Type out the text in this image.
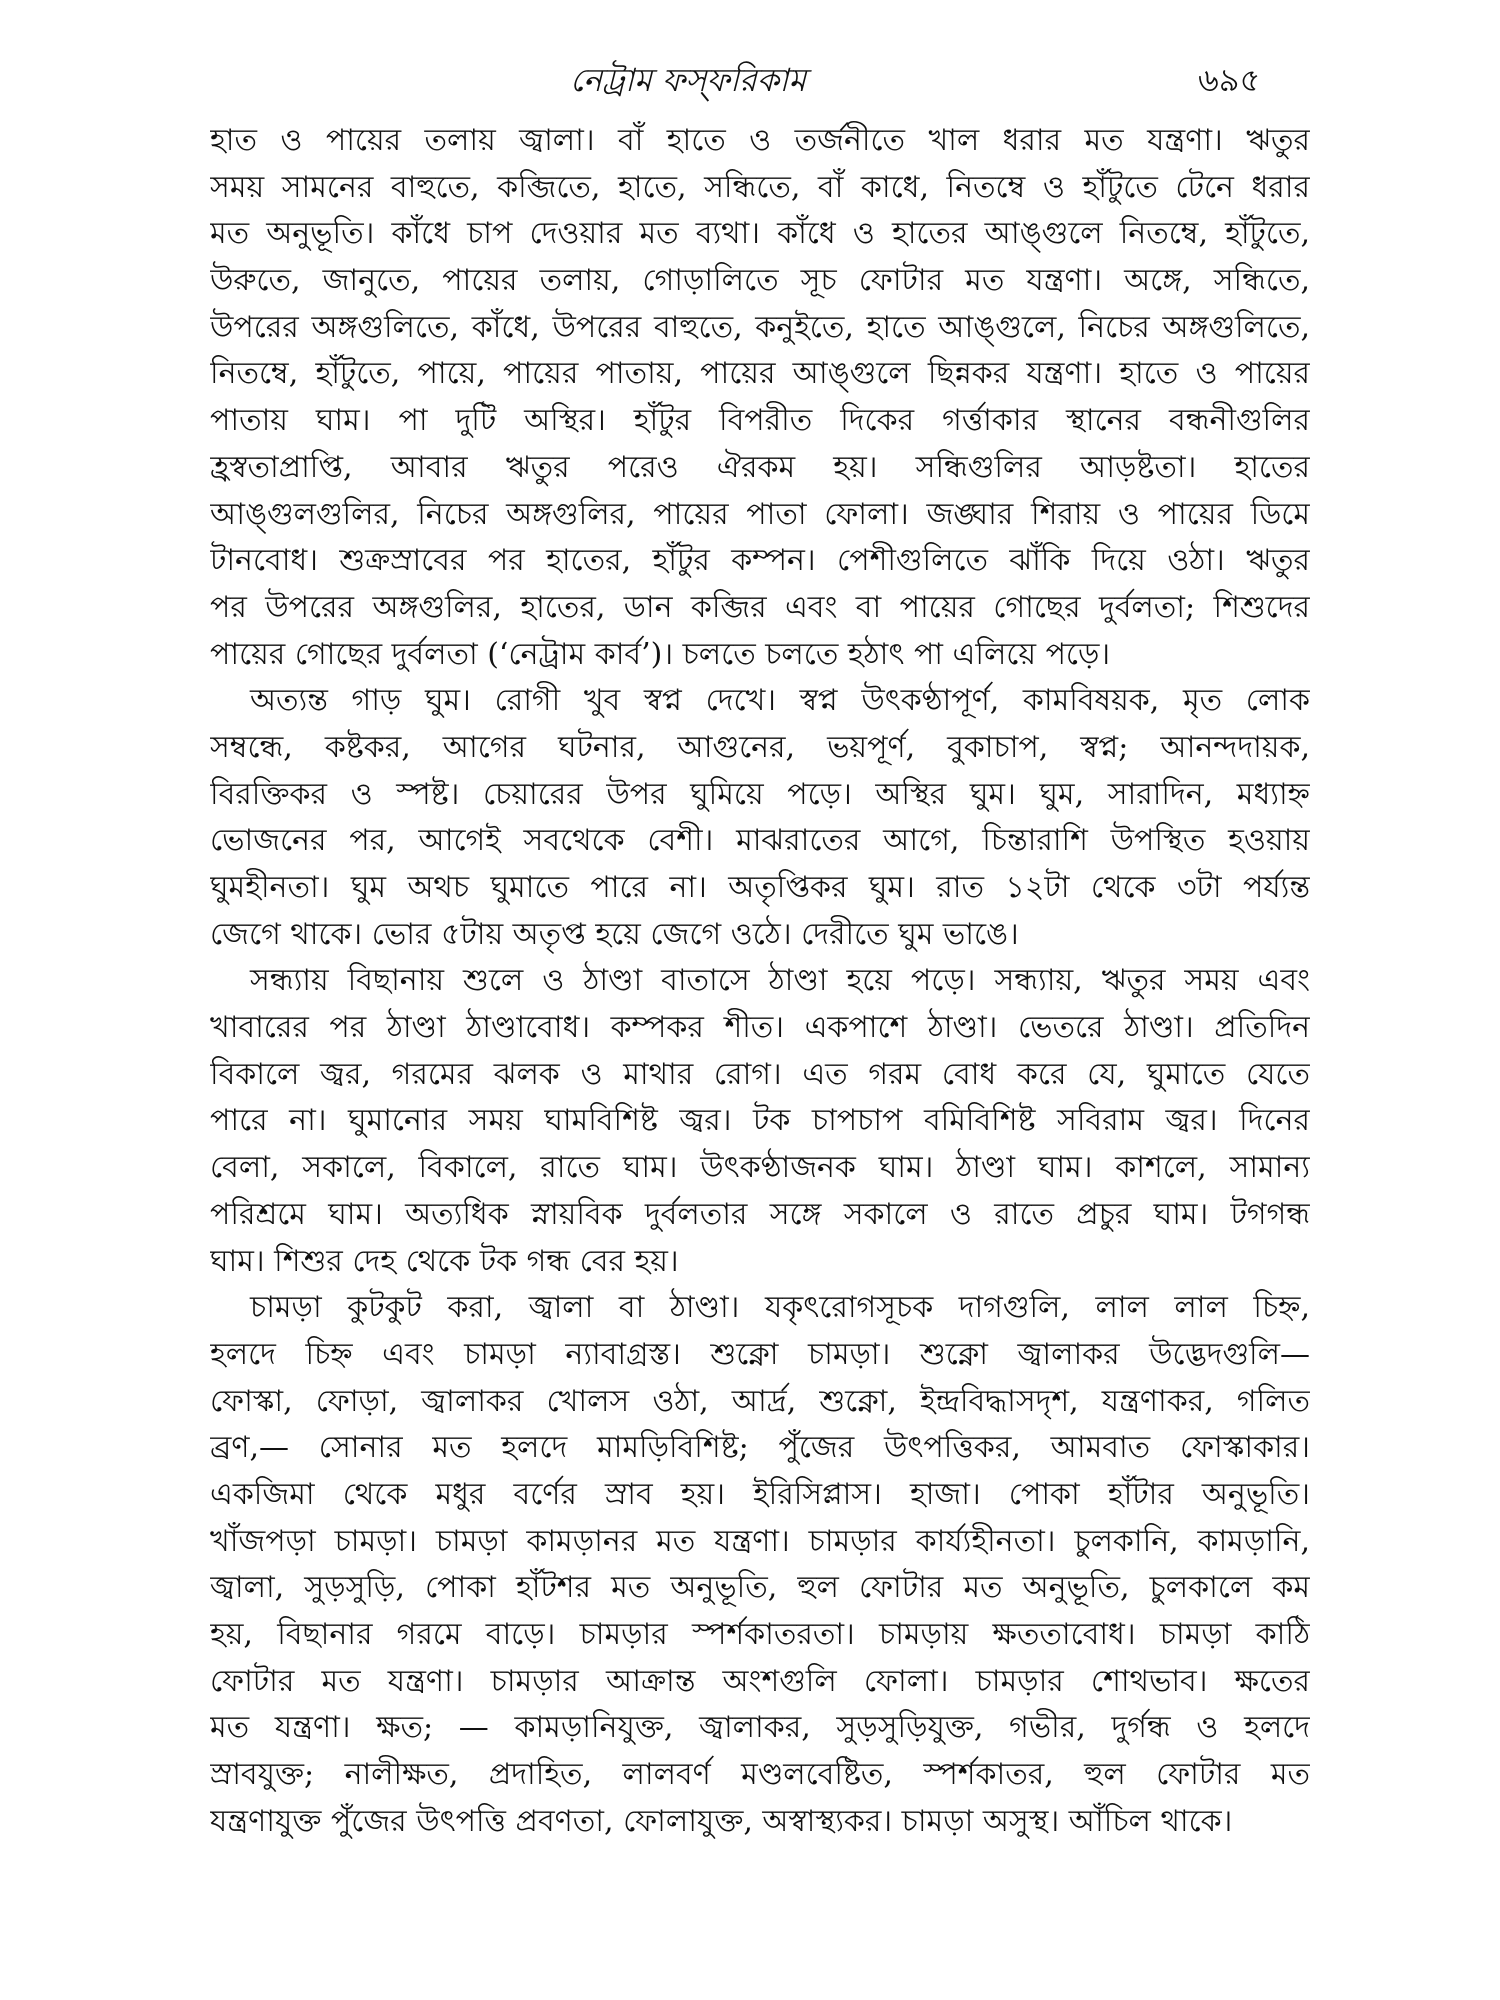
নেট্রাম ফস্‌ফরিকাম	৬৯৫
হাত ও পায়ের তলায় জ্বালা। বাঁ হাতে ও তর্জনীতে খাল ধরার মত যন্ত্রণা। ঋতুর
সময় সামনের বাহুতে, কব্জিতে, হাতে, সন্ধিতে, বাঁ কাধে, নিতম্বে ও হাঁটুতে টেনে ধরার
মত অনুভূতি। কাঁধে চাপ দেওয়ার মত ব্যথা। কাঁধে ও হাতের আঙ্গুলে নিতম্বে, হাঁটুতে,
উরুতে, জানুতে, পায়ের তলায়, গোড়ালিতে সূচ ফোটার মত যন্ত্রণা। অঙ্গে, সন্ধিতে,
উপরের অঙ্গগুলিতে, কাঁধে, উপরের বাহুতে, কনুইতে, হাতে আঙ্গুলে, নিচের অঙ্গগুলিতে,
নিতম্বে, হাঁটুতে, পায়ে, পায়ের পাতায়, পায়ের আঙ্গুলে ছিন্নকর যন্ত্রণা। হাতে ও পায়ের
পাতায় ঘাম। পা দুটি অস্থির। হাঁটুর বিপরীত দিকের গর্ত্তাকার স্থানের বন্ধনীগুলির
হ্রস্বতাপ্রাপ্তি, আবার ঋতুর পরেও ঐরকম হয়। সন্ধিগুলির আড়ষ্টতা। হাতের
আঙ্গুলগুলির, নিচের অঙ্গগুলির, পায়ের পাতা ফোলা। জঙ্ঘার শিরায় ও পায়ের ডিমে
টানবোধ। শুক্রস্রাবের পর হাতের, হাঁটুর কম্পন। পেশীগুলিতে ঝাঁকি দিয়ে ওঠা। ঋতুর
পর উপরের অঙ্গগুলির, হাতের, ডান কব্জির এবং বা পায়ের গোছের দুর্বলতা; শিশুদের
পায়ের গোছের দুর্বলতা (‘নেট্রাম কার্ব’)। চলতে চলতে হঠাৎ পা এলিয়ে পড়ে।
অত্যন্ত গাড় ঘুম। রোগী খুব স্বপ্ন দেখে। স্বপ্ন উৎকণ্ঠাপূর্ণ, কামবিষয়ক, মৃত লোক
সম্বন্ধে, কষ্টকর, আগের ঘটনার, আগুনের, ভয়পূর্ণ, বুকাচাপ, স্বপ্ন; আনন্দদায়ক,
বিরক্তিকর ও স্পষ্ট। চেয়ারের উপর ঘুমিয়ে পড়ে। অস্থির ঘুম। ঘুম, সারাদিন, মধ্যাহ্ন
ভোজনের পর, আগেই সবথেকে বেশী। মাঝরাতের আগে, চিন্তারাশি উপস্থিত হওয়ায়
ঘুমহীনতা। ঘুম অথচ ঘুমাতে পারে না। অতৃপ্তিকর ঘুম। রাত ১২টা থেকে ৩টা পর্য্যন্ত
জেগে থাকে। ভোর ৫টায় অতৃপ্ত হয়ে জেগে ওঠে। দেরীতে ঘুম ভাঙে।
সন্ধ্যায় বিছানায় শুলে ও ঠাণ্ডা বাতাসে ঠাণ্ডা হয়ে পড়ে। সন্ধ্যায়, ঋতুর সময় এবং
খাবারের পর ঠাণ্ডা ঠাণ্ডাবোধ। কম্পকর শীত। একপাশে ঠাণ্ডা। ভেতরে ঠাণ্ডা। প্রতিদিন
বিকালে জ্বর, গরমের ঝলক ও মাথার রোগ। এত গরম বোধ করে যে, ঘুমাতে যেতে
পারে না। ঘুমানোর সময় ঘামবিশিষ্ট জ্বর। টক চাপচাপ বমিবিশিষ্ট সবিরাম জ্বর। দিনের
বেলা, সকালে, বিকালে, রাতে ঘাম। উৎকণ্ঠাজনক ঘাম। ঠাণ্ডা ঘাম। কাশলে, সামান্য
পরিশ্রমে ঘাম। অত্যধিক স্নায়বিক দুর্বলতার সঙ্গে সকালে ও রাতে প্রচুর ঘাম। টগগন্ধ
ঘাম। শিশুর দেহ থেকে টক গন্ধ বের হয়।
চামড়া কুটকুট করা, জ্বালা বা ঠাণ্ডা। যকৃৎরোগসূচক দাগগুলি, লাল লাল চিহ্ন,
হলদে চিহ্ন এবং চামড়া ন্যাবাগ্রস্ত। শুক্নো চামড়া। শুক্নো জ্বালাকর উদ্ভেদগুলি—
ফোস্কা, ফোড়া, জ্বালাকর খোলস ওঠা, আর্দ্র, শুক্নো, ইন্দ্রবিদ্ধাসদৃশ, যন্ত্রণাকর, গলিত
ব্রণ,— সোনার মত হলদে মামড়িবিশিষ্ট; পুঁজের উৎপত্তিকর, আমবাত ফোস্কাকার।
একজিমা থেকে মধুর বর্ণের স্রাব হয়। ইরিসিপ্লাস। হাজা। পোকা হাঁটার অনুভূতি।
খাঁজপড়া চামড়া। চামড়া কামড়ানর মত যন্ত্রণা। চামড়ার কার্য্যহীনতা। চুলকানি, কামড়ানি,
জ্বালা, সুড়সুড়ি, পোকা হাঁটশর মত অনুভূতি, হুল ফোটার মত অনুভূতি, চুলকালে কম
হয়, বিছানার গরমে বাড়ে। চামড়ার স্পর্শকাতরতা। চামড়ায় ক্ষততাবোধ। চামড়া কাঠি
ফোটার মত যন্ত্রণা। চামড়ার আক্রান্ত অংশগুলি ফোলা। চামড়ার শোথভাব। ক্ষতের
মত যন্ত্রণা। ক্ষত; — কামড়ানিযুক্ত, জ্বালাকর, সুড়সুড়িযুক্ত, গভীর, দুর্গন্ধ ও হলদে
স্রাবযুক্ত; নালীক্ষত, প্রদাহিত, লালবর্ণ মণ্ডলবেষ্টিত, স্পর্শকাতর, হুল ফোটার মত
যন্ত্রণাযুক্ত পুঁজের উৎপত্তি প্রবণতা, ফোলাযুক্ত, অস্বাস্থ্যকর। চামড়া অসুস্থ। আঁচিল থাকে।
